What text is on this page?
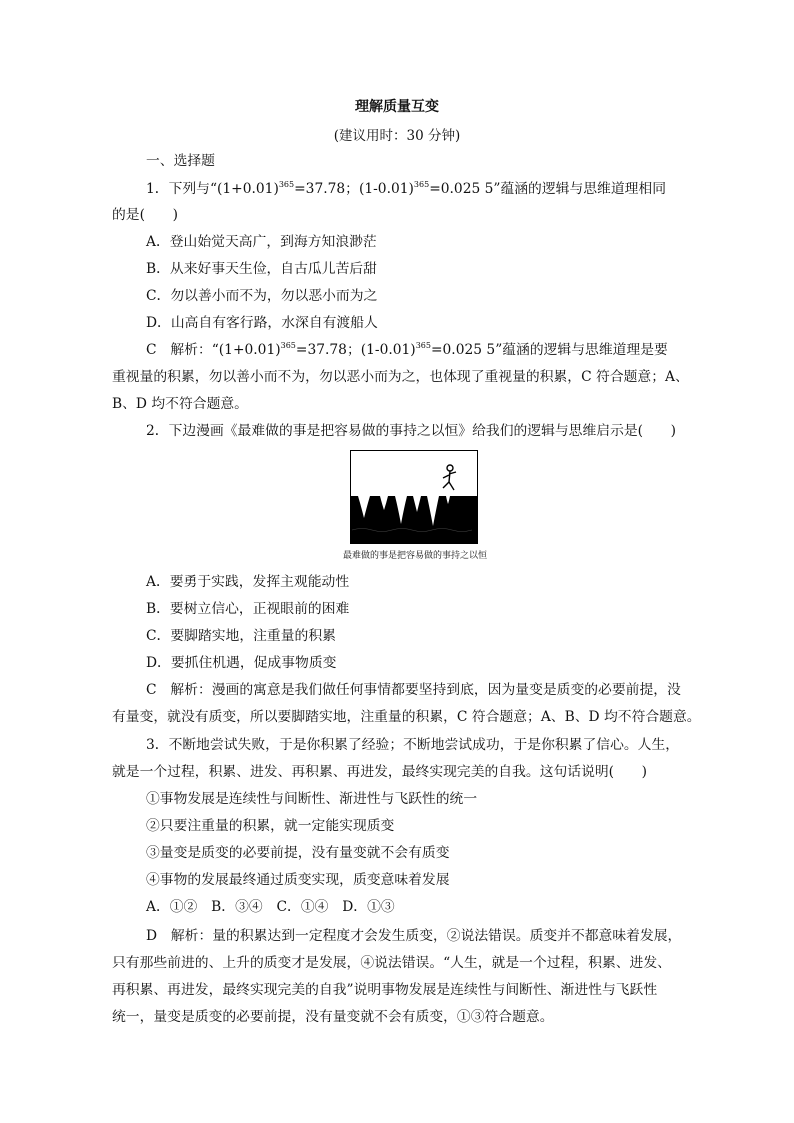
理解质量互变
(建议用时：30 分钟)
一、选择题
1．下列与“$(1+0.01)^{365}=37.78$；$(1-0.01)^{365}=0.025$ 5”蕴涵的逻辑与思维道理相同
的是(　　)
A．登山始觉天高广，到海方知浪渺茫
B．从来好事天生俭，自古瓜儿苦后甜
C．勿以善小而不为，勿以恶小而为之
D．山高自有客行路，水深自有渡船人
C　解析：“$(1+0.01)^{365}=37.78$；$(1-0.01)^{365}=0.025$ 5”蕴涵的逻辑与思维道理是要
重视量的积累，勿以善小而不为，勿以恶小而为之，也体现了重视量的积累，C 符合题意；A、
B、D 均不符合题意。
2．下边漫画《最难做的事是把容易做的事持之以恒》给我们的逻辑与思维启示是(　　)
最难做的事是把容易做的事持之以恒
A．要勇于实践，发挥主观能动性
B．要树立信心，正视眼前的困难
C．要脚踏实地，注重量的积累
D．要抓住机遇，促成事物质变
C　解析：漫画的寓意是我们做任何事情都要坚持到底，因为量变是质变的必要前提，没
有量变，就没有质变，所以要脚踏实地，注重量的积累，C 符合题意；A、B、D 均不符合题意。
3．不断地尝试失败，于是你积累了经验；不断地尝试成功，于是你积累了信心。人生，
就是一个过程，积累、进发、再积累、再进发，最终实现完美的自我。这句话说明(　　)
①事物发展是连续性与间断性、渐进性与飞跃性的统一
②只要注重量的积累，就一定能实现质变
③量变是质变的必要前提，没有量变就不会有质变
④事物的发展最终通过质变实现，质变意味着发展
A．①②　B．③④　C．①④　D．①③
D　解析：量的积累达到一定程度才会发生质变，②说法错误。质变并不都意味着发展，
只有那些前进的、上升的质变才是发展，④说法错误。“人生，就是一个过程，积累、进发、
再积累、再进发，最终实现完美的自我”说明事物发展是连续性与间断性、渐进性与飞跃性
统一，量变是质变的必要前提，没有量变就不会有质变，①③符合题意。
